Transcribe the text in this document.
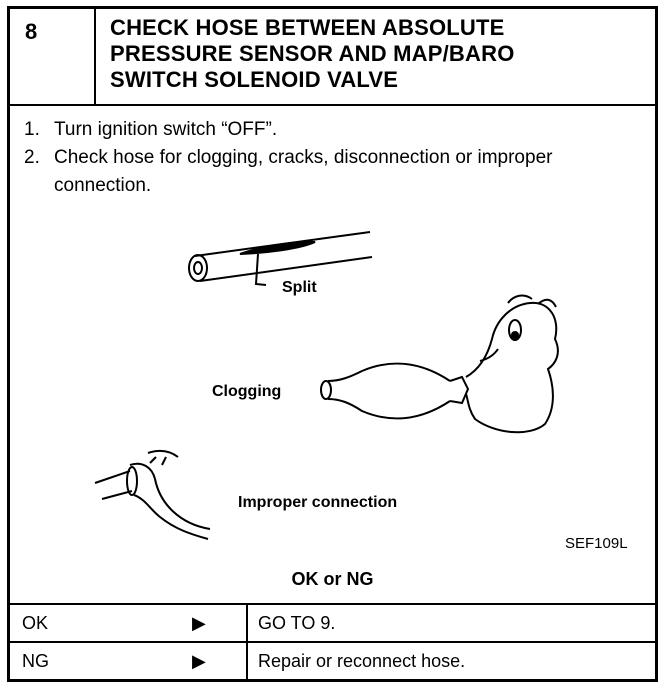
8	CHECK HOSE BETWEEN ABSOLUTE
PRESSURE SENSOR AND MAP/BARO
SWITCH SOLENOID VALVE
1. Turn ignition switch “OFF”.
2. Check hose for clogging, cracks, disconnection or improper connection.
Split
Clogging
Improper connection
SEF109L
OK or NG
OK	▶	GO TO 9.
NG	▶	Repair or reconnect hose.
